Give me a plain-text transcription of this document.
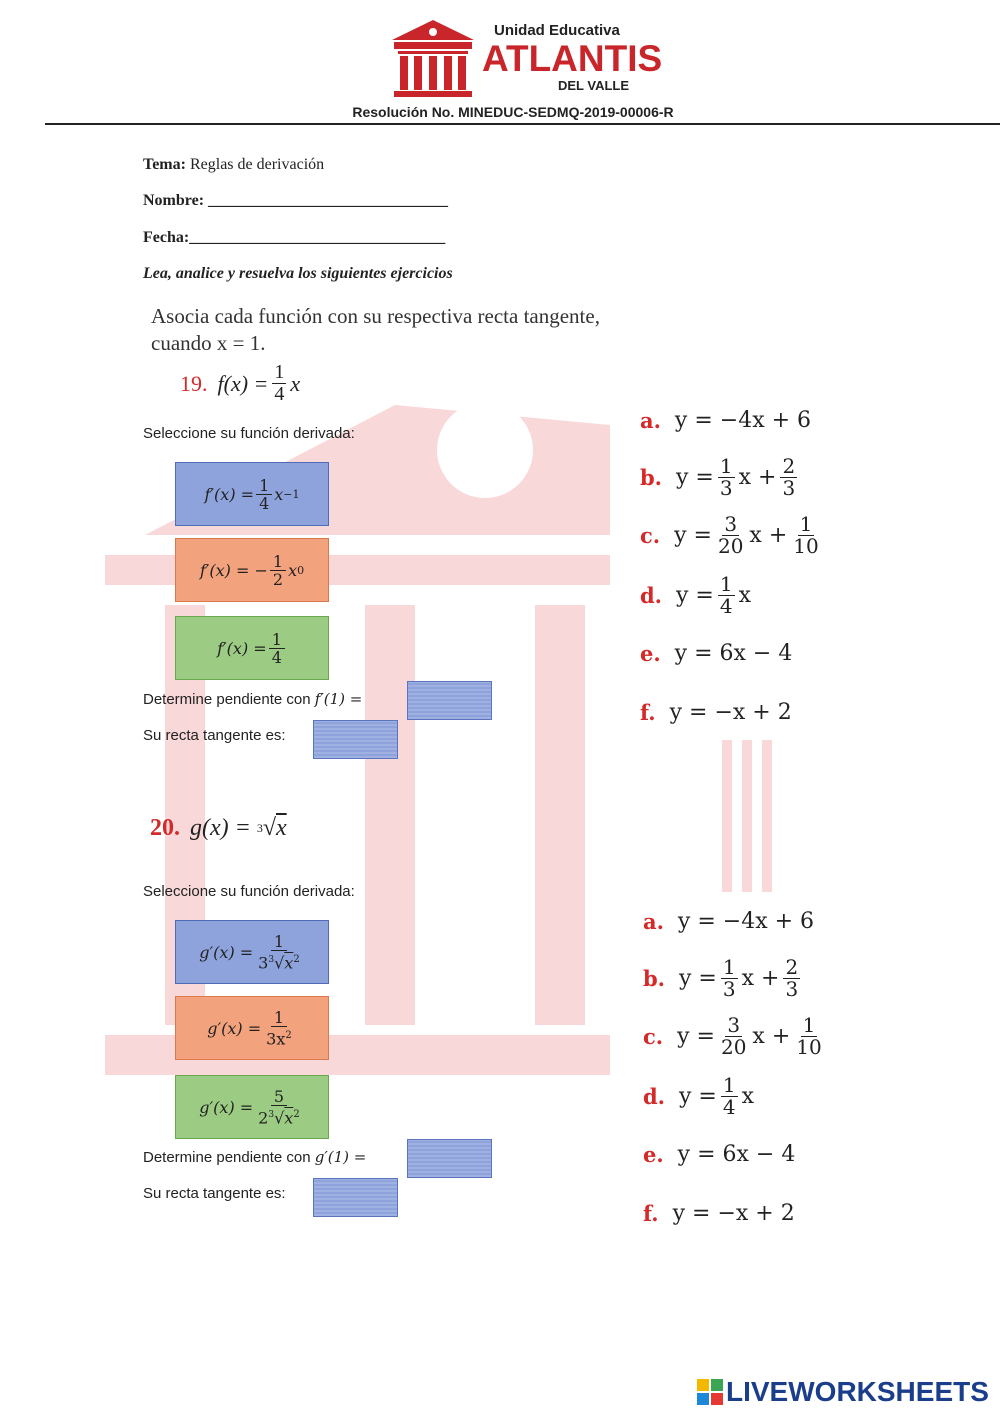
Unidad Educativa
ATLANTIS
DEL VALLE
Resolución No. MINEDUC-SEDMQ-2019-00006-R
Tema: Reglas de derivación
Nombre: ______________________________
Fecha:________________________________
Lea, analice y resuelva los siguientes ejercicios
Asocia cada función con su respectiva recta tangente,
cuando x = 1.
19. $f(x) = \frac{1}{4}$ x
Seleccione su función derivada:
$f'(x) = \frac{1}{4}$ x −1
f′(x) = − $\frac{1}{2}$ x 0
$f'(x) = \frac{1}{4}$
Determine pendiente con f′(1) =
Su recta tangente es:
20. g(x) = 3 √ x
Seleccione su función derivada:
$g'(x) = \frac{1}{3^3√x^2}$
$g'(x) = \frac{1}{3x^2}$
$g'(x) = \frac{5}{2^3√x^2}$
Determine pendiente con g′(1) =
Su recta tangente es:
a. y = −4x + 6
b. $y = \frac{1}{3}$ $x + \frac{2}{3}$
c. $y = \frac{3}{20}$ $x + \frac{1}{10}$
d. $y = \frac{1}{4}$ x
e. y = 6x − 4
f. y = −x + 2
a. y = −4x + 6
b. $y = \frac{1}{3}$ $x + \frac{2}{3}$
c. $y = \frac{3}{20}$ $x + \frac{1}{10}$
d. $y = \frac{1}{4}$ x
e. y = 6x − 4
f. y = −x + 2
LIVEWORKSHEETS
